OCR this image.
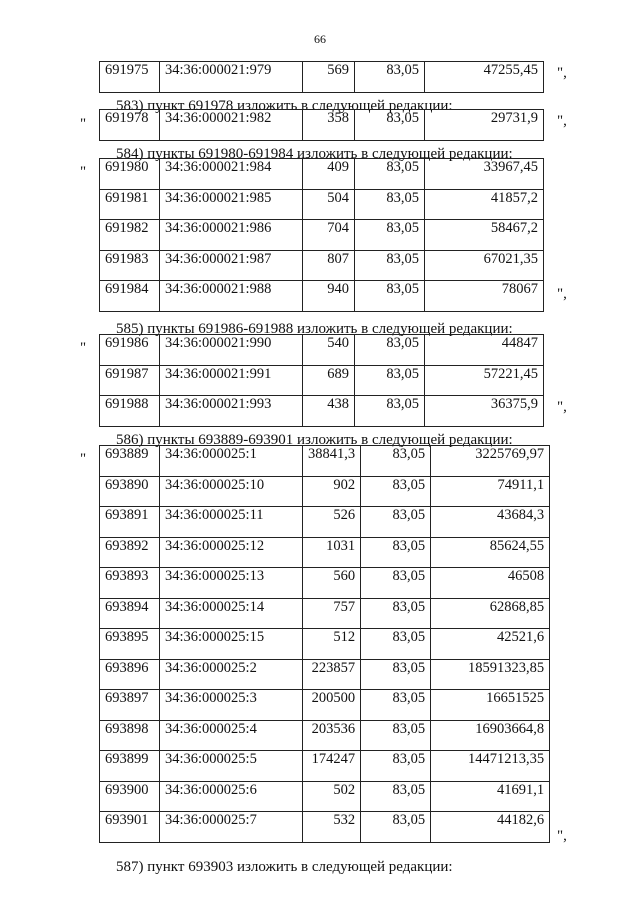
66
691975	34:36:000021:979	569	83,05	47255,45 ",
583) пункт 691978 изложить в следующей редакции:
" 691978	34:36:000021:982	358	83,05	29731,9 ",
584) пункты 691980-691984 изложить в следующей редакции:
" 691980	34:36:000021:984	409	83,05	33967,45
691981	34:36:000021:985	504	83,05	41857,2
691982	34:36:000021:986	704	83,05	58467,2
691983	34:36:000021:987	807	83,05	67021,35
691984	34:36:000021:988	940	83,05	78067 ",
585) пункты 691986-691988 изложить в следующей редакции:
" 691986	34:36:000021:990	540	83,05	44847
691987	34:36:000021:991	689	83,05	57221,45
691988	34:36:000021:993	438	83,05	36375,9 ",
586) пункты 693889-693901 изложить в следующей редакции:
" 693889	34:36:000025:1	38841,3	83,05	3225769,97
693890	34:36:000025:10	902	83,05	74911,1
693891	34:36:000025:11	526	83,05	43684,3
693892	34:36:000025:12	1031	83,05	85624,55
693893	34:36:000025:13	560	83,05	46508
693894	34:36:000025:14	757	83,05	62868,85
693895	34:36:000025:15	512	83,05	42521,6
693896	34:36:000025:2	223857	83,05	18591323,85
693897	34:36:000025:3	200500	83,05	16651525
693898	34:36:000025:4	203536	83,05	16903664,8
693899	34:36:000025:5	174247	83,05	14471213,35
693900	34:36:000025:6	502	83,05	41691,1
693901	34:36:000025:7	532	83,05	44182,6
",
587) пункт 693903 изложить в следующей редакции:
